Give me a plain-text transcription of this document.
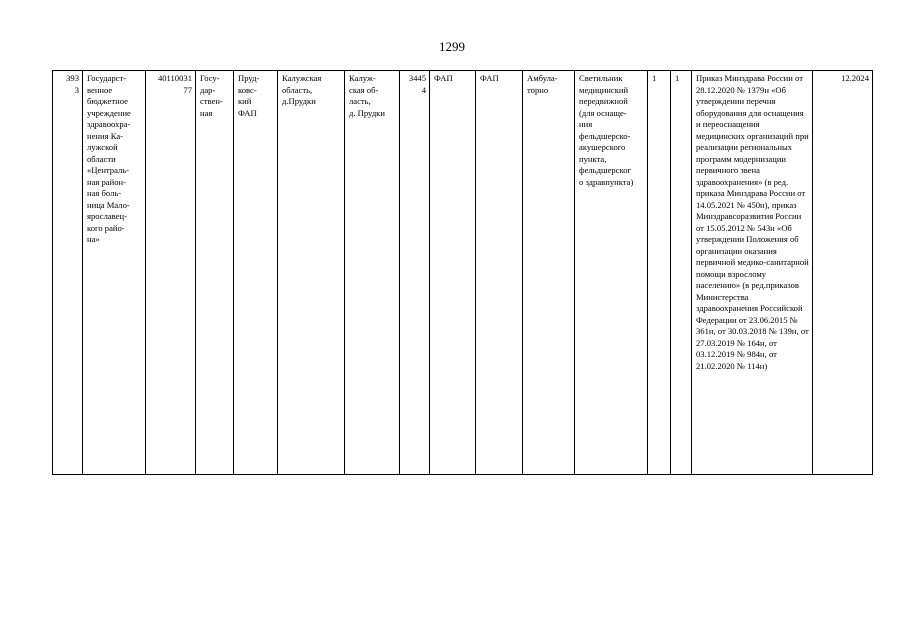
1299
393
3	Государст-
венное
бюджетное
учреждение
здравоохра-
нения Ка-
лужской
области
«Централь-
ная район-
ная боль-
ница Мало-
ярославец-
кого райо-
на»	40110031
77	Госу-
дар-
ствен-
ная	Пруд-
ковс-
кий
ФАП	Калужская
область,
д.Прудки	Калуж-
ская об-
ласть,
д. Прудки	3445
4	ФАП	ФАП	Амбула-
торно	Светильник
медицинский
передвижной
(для оснаще-
ния
фельдшерско-
акушерского
пункта,
фельдшерског
о здравпункта)	1	1	Приказ Минздрава России от 28.12.2020 № 1379н «Об утверждении перечня оборудования для оснащения и переоснащения медицинских организаций при реализации региональных программ модернизации первичного звена здравоохранения» (в ред. приказа Минздрава России от 14.05.2021 № 450н), приказ Минздравсоразвития России от 15.05.2012 № 543н «Об утверждении Положения об организации оказания первичной медико-санитарной помощи взрослому населению» (в ред.приказов Министерства здравоохранения Российской Федерации от 23.06.2015 № 361н, от 30.03.2018 № 139н, от 27.03.2019 № 164н, от 03.12.2019 № 984н, от 21.02.2020 № 114н)	12.2024
